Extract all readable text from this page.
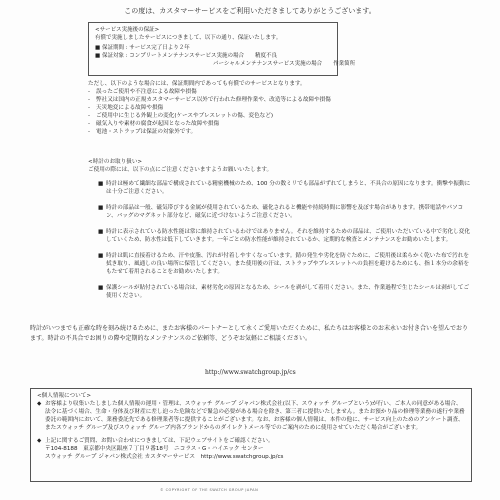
この度は、カスタマーサービスをご利用いただきましてありがとうございます。
<サービス実施後の保証>
有償で実施しましたサービスにつきまして、以下の通り、保証いたします。
■ 保証期間 : サービス完了日より２年
■ 保証対象 : コンプリートメンテナンスサービス実施の場合　　精度不良
パーシャルメンテナンスサービス実施の場合　　作業箇所
ただし、以下のような場合には、保証期間内であっても有償でのサービスとなります。
- 誤ったご使用や不注意による故障や損傷
- 弊社又は国内の正規カスタマーサービス以外で行われた修理作業や、改造等による故障や損傷
- 天災地変による故障や損傷
- ご使用中に生じる外観上の変化(ケースやブレスレットの傷、変色など)
- 磁気入りや素材の腐食が起因となった故障や損傷
- 電池・ストラップは保証の対象外です。
<時計のお取り扱い>
ご使用の際には、以下の点にご注意くださいますようお願いいたします。
■ 時計は極めて繊細な部品で構成されている精密機械のため、100 分の数ミリでも部品がずれてしまうと、不具合の原因になります。衝撃や振動には十分ご注意ください。
■ 時計の部品は一般、磁気帯びする金属が使用されているため、磁化されると機能や持続時間に影響を及ぼす場合があります。携帯電話やパソコン、バッグのマグネット部分など、磁気に近づけないようご注意ください。
■ 時計に表示されている防水性能は常に維持されているわけではありません。それを維持するための部品は、ご使用いただいている中で劣化し変化していくため、防水性は低下していきます。一年ごとの防水性能が維持されているか、定期的な検査とメンテナンスをお勧めいたします。
■ 時計は肌に直接着けるため、汗や皮脂、汚れが付着しやすくなっています。錆の発生や劣化を防ぐために、ご使用後は柔らかく乾いた布で汚れを拭き取り、風通しの良い場所に保管してください。また使用後の汗は、ストラップやブレスレットへの負担を避けるためにも、指１本分の余裕をもたせて着用されることをお勧めいたします。
■ 保護シールが貼付されている場合は、素材劣化の原因となるため、シールを剥がして着用ください。また、作業過程で生じたシールは剥がしてご使用ください。
時計がいつまでも正確な時を刻み続けるために、またお客様のパートナーとして永くご愛用いただくために、私たちはお客様とのお末永いお付き合いを望んでおります。時計の不具合でお困りの際や定期的なメンテナンスのご依頼等、どうぞお気軽にご相談ください。
http://www.swatchgroup.jp/cs
<個人情報について>
◆ お客様より収集いたしました個人情報の運用・管理は、スウォッチ グループ ジャパン株式会社(以下、スウォッチ グループという)が行い、ご本人の同意がある場合、法令に基づく場合、生命・身体及び財産に差し迫った危険などで緊急の必要がある場合を除き、第三者に提供いたしません。またお預かり品の修理等業務の遂行や業務委託の範囲内において、業務委託先である修理業者等に提供することがございます。なお、お客様の個人情報は、本件の他に、サービス向上のためのアンケート調査、またスウォッチ グループ及びスウォッチ グループ内各ブランドからのダイレクトメール等でのご案内のために使用させていただく場合がございます。
◆ 上記に関するご質問、お問い合わせにつきましては、下記ウェブサイトをご確認ください。
〒104-8188　東京都中央区銀座７丁目９番18号　ニコラス・G・ハイエック センター
スウォッチ グループ ジャパン株式会社 カスタマーサービス　http://www.swatchgroup.jp/cs
© COPYRIGHT OF THE SWATCH GROUP JAPAN
